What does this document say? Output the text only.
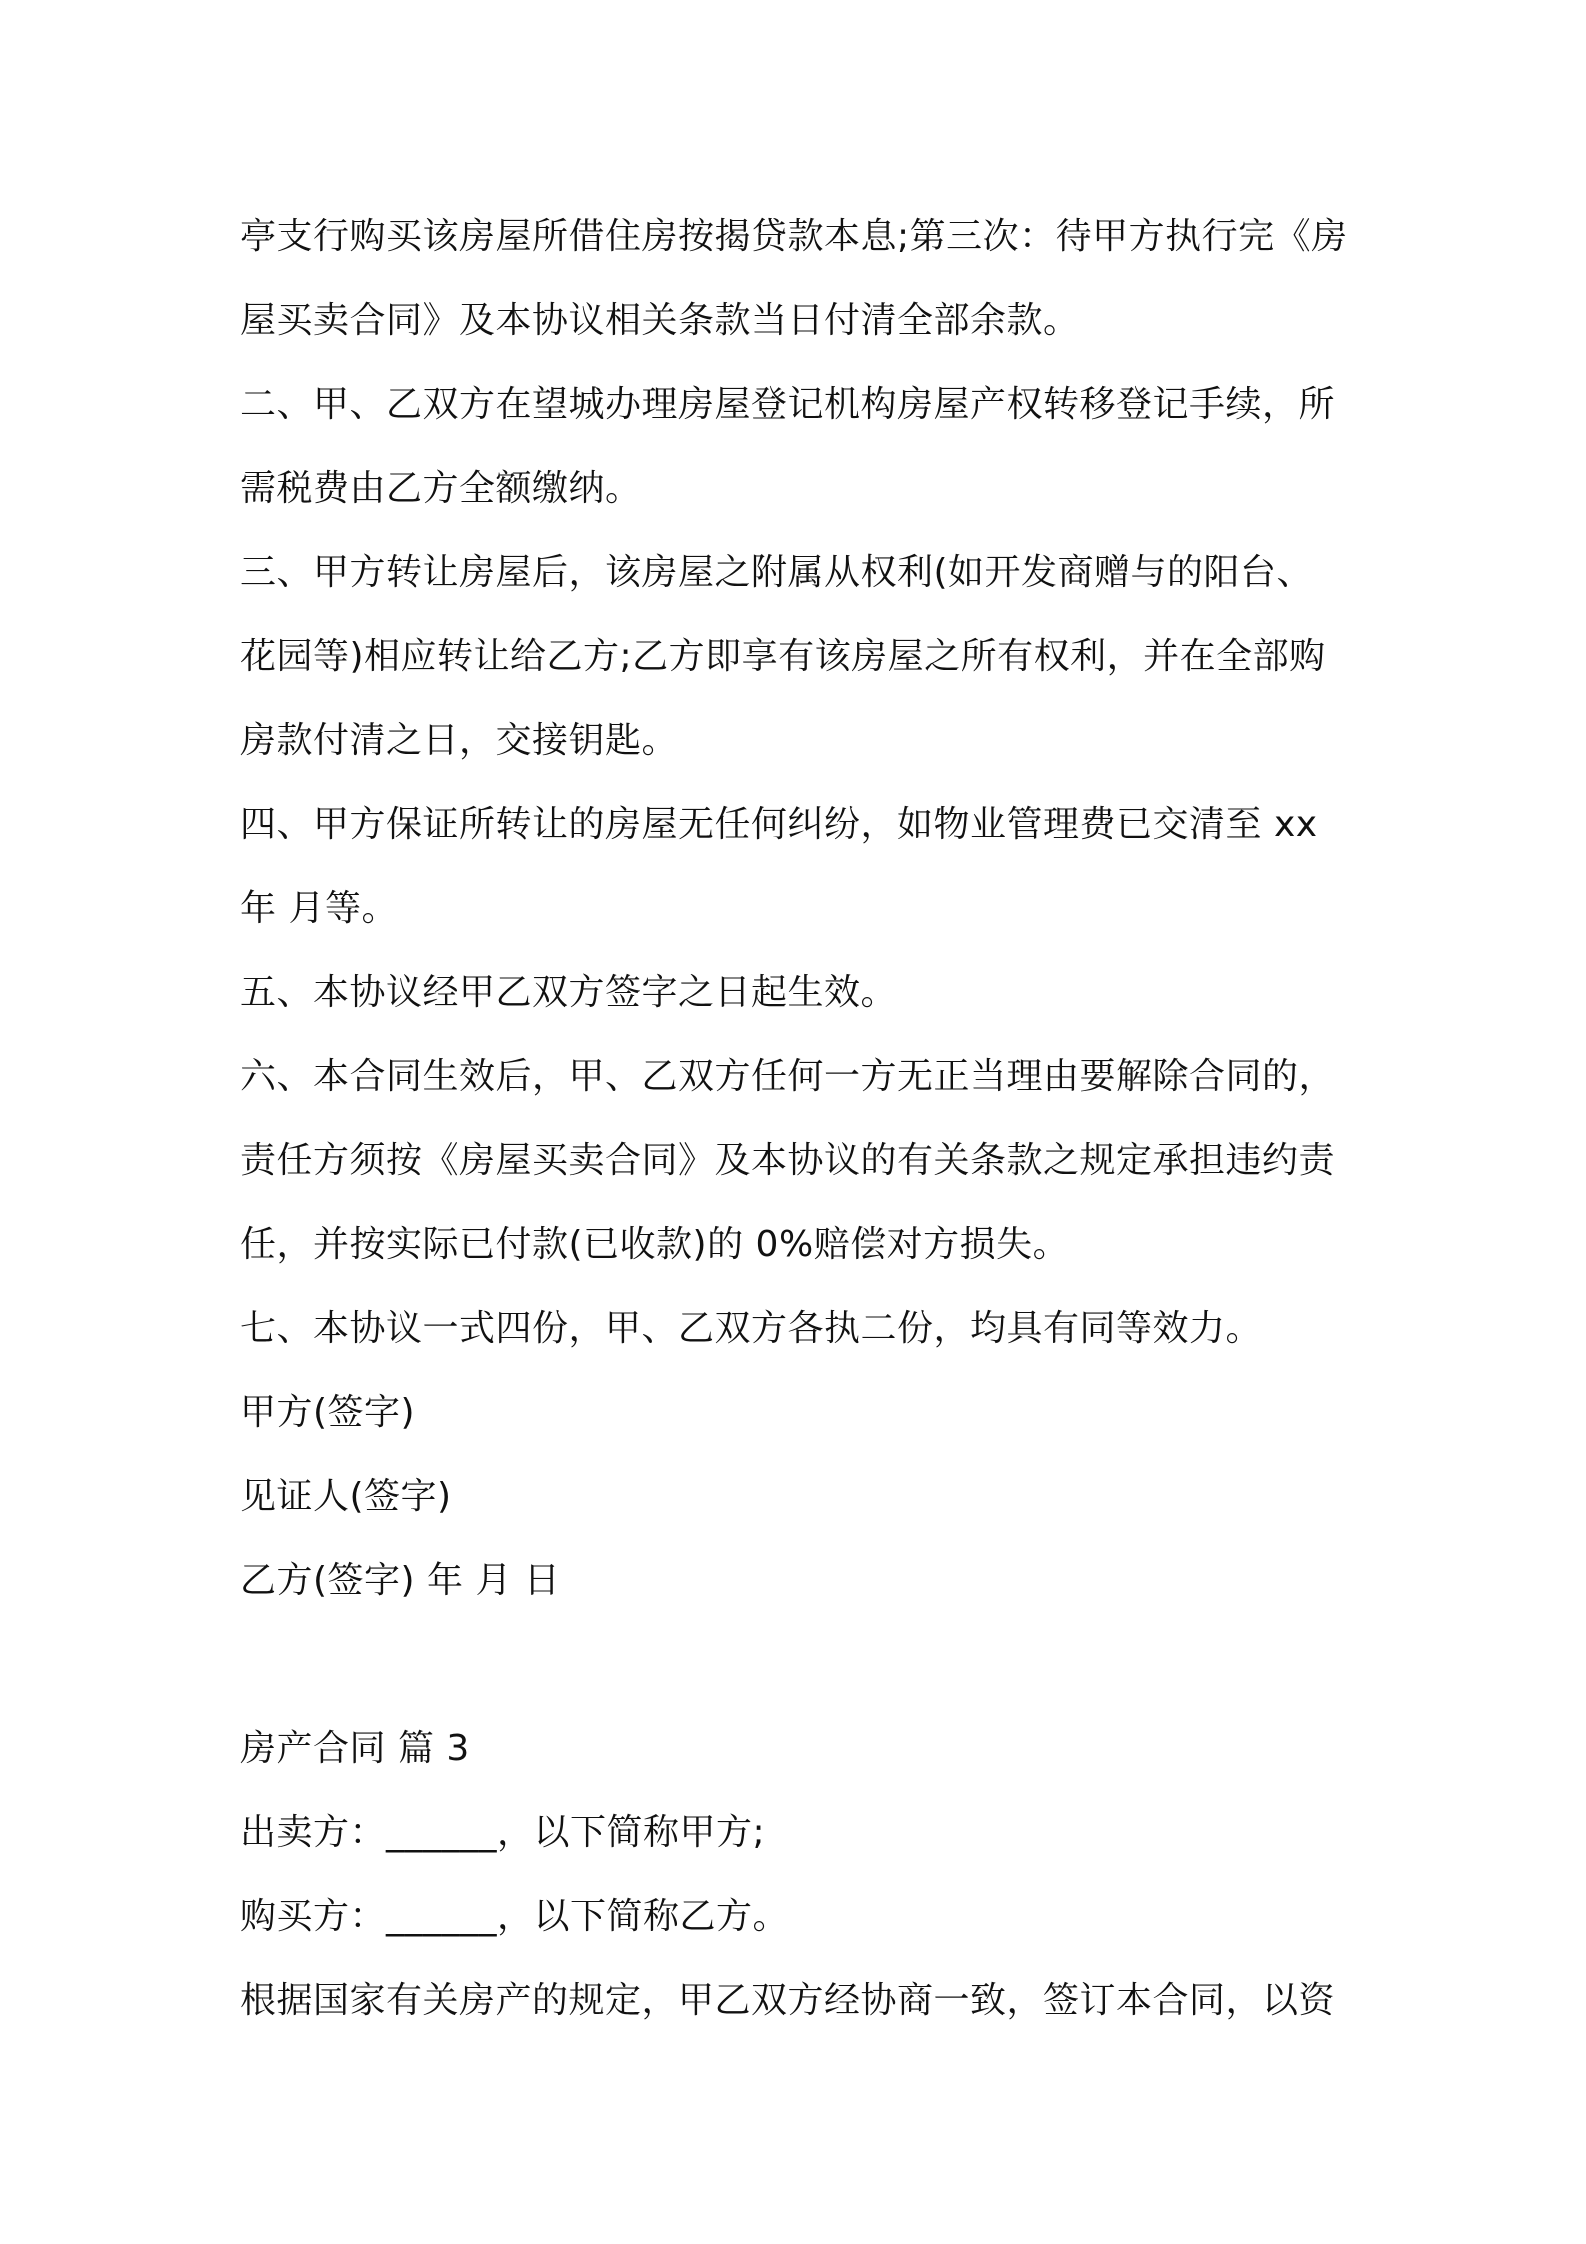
亭支行购买该房屋所借住房按揭贷款本息;第三次：待甲方执行完《房
屋买卖合同》及本协议相关条款当日付清全部余款。
二、甲、乙双方在望城办理房屋登记机构房屋产权转移登记手续，所
需税费由乙方全额缴纳。
三、甲方转让房屋后，该房屋之附属从权利(如开发商赠与的阳台、
花园等)相应转让给乙方;乙方即享有该房屋之所有权利，并在全部购
房款付清之日，交接钥匙。
四、甲方保证所转让的房屋无任何纠纷，如物业管理费已交清至 xx
年 月等。
五、本协议经甲乙双方签字之日起生效。
六、本合同生效后，甲、乙双方任何一方无正当理由要解除合同的，
责任方须按《房屋买卖合同》及本协议的有关条款之规定承担违约责
任，并按实际已付款(已收款)的 0%赔偿对方损失。
七、本协议一式四份，甲、乙双方各执二份，均具有同等效力。
甲方(签字)
见证人(签字)
乙方(签字) 年 月 日
房产合同 篇 3
出卖方：______，以下简称甲方;
购买方：______，以下简称乙方。
根据国家有关房产的规定，甲乙双方经协商一致，签订本合同，以资
